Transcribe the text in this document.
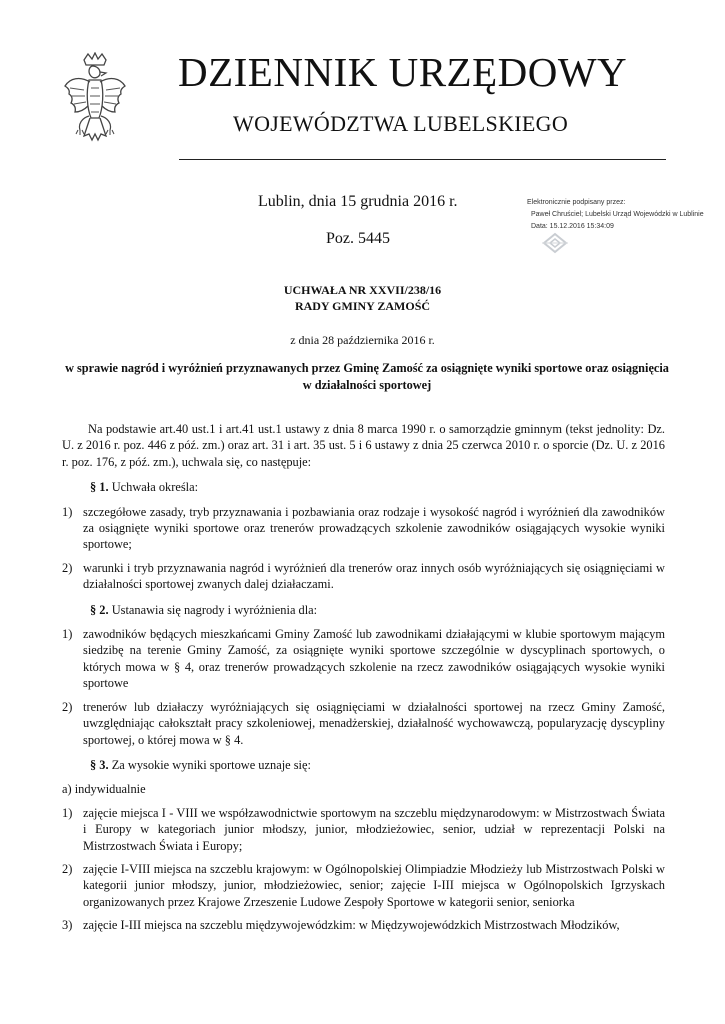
DZIENNIK URZĘDOWY
WOJEWÓDZTWA LUBELSKIEGO
Lublin, dnia 15 grudnia 2016 r.
Poz. 5445
Elektronicznie podpisany przez:
Paweł Chruściel; Lubelski Urząd Wojewódzki w Lublinie
Data: 15.12.2016 15:34:09
UCHWAŁA NR XXVII/238/16
RADY GMINY ZAMOŚĆ
z dnia 28 października 2016 r.
w sprawie nagród i wyróżnień przyznawanych przez Gminę Zamość za osiągnięte wyniki sportowe oraz osiągnięcia w działalności sportowej

Na podstawie art.40 ust.1 i art.41 ust.1 ustawy z dnia 8 marca 1990 r. o samorządzie gminnym (tekst jednolity: Dz. U. z 2016 r. poz. 446 z póź. zm.) oraz art. 31 i art. 35 ust. 5 i 6 ustawy z dnia 25 czerwca 2010 r. o sporcie (Dz. U. z 2016 r. poz. 176, z póź. zm.), uchwala się, co następuje:

§ 1. Uchwała określa:

1) szczegółowe zasady, tryb przyznawania i pozbawiania oraz rodzaje i wysokość nagród i wyróżnień dla zawodników za osiągnięte wyniki sportowe oraz trenerów prowadzących szkolenie zawodników osiągających wysokie wyniki sportowe;

2) warunki i tryb przyznawania nagród i wyróżnień dla trenerów oraz innych osób wyróżniających się osiągnięciami w działalności sportowej zwanych dalej działaczami.

§ 2. Ustanawia się nagrody i wyróżnienia dla:

1) zawodników będących mieszkańcami Gminy Zamość lub zawodnikami działającymi w klubie sportowym mającym siedzibę na terenie Gminy Zamość, za osiągnięte wyniki sportowe szczególnie w dyscyplinach sportowych, o których mowa w § 4, oraz trenerów prowadzących szkolenie na rzecz zawodników osiągających wysokie wyniki sportowe

2) trenerów lub działaczy wyróżniających się osiągnięciami w działalności sportowej na rzecz Gminy Zamość, uwzględniając całokształt pracy szkoleniowej, menadżerskiej, działalność wychowawczą, popularyzację dyscypliny sportowej, o której mowa w § 4.

§ 3. Za wysokie wyniki sportowe uznaje się:

a) indywidualnie

1) zajęcie miejsca I - VIII we współzawodnictwie sportowym na szczeblu międzynarodowym: w Mistrzostwach Świata i Europy w kategoriach junior młodszy, junior, młodzieżowiec, senior, udział w reprezentacji Polski na Mistrzostwach Świata i Europy;

2) zajęcie I-VIII miejsca na szczeblu krajowym: w Ogólnopolskiej Olimpiadzie Młodzieży lub Mistrzostwach Polski w kategorii junior młodszy, junior, młodzieżowiec, senior; zajęcie I-III miejsca w Ogólnopolskich Igrzyskach organizowanych przez Krajowe Zrzeszenie Ludowe Zespoły Sportowe w kategorii senior, seniorka

3) zajęcie I-III miejsca na szczeblu międzywojewódzkim: w Międzywojewódzkich Mistrzostwach Młodzików,
